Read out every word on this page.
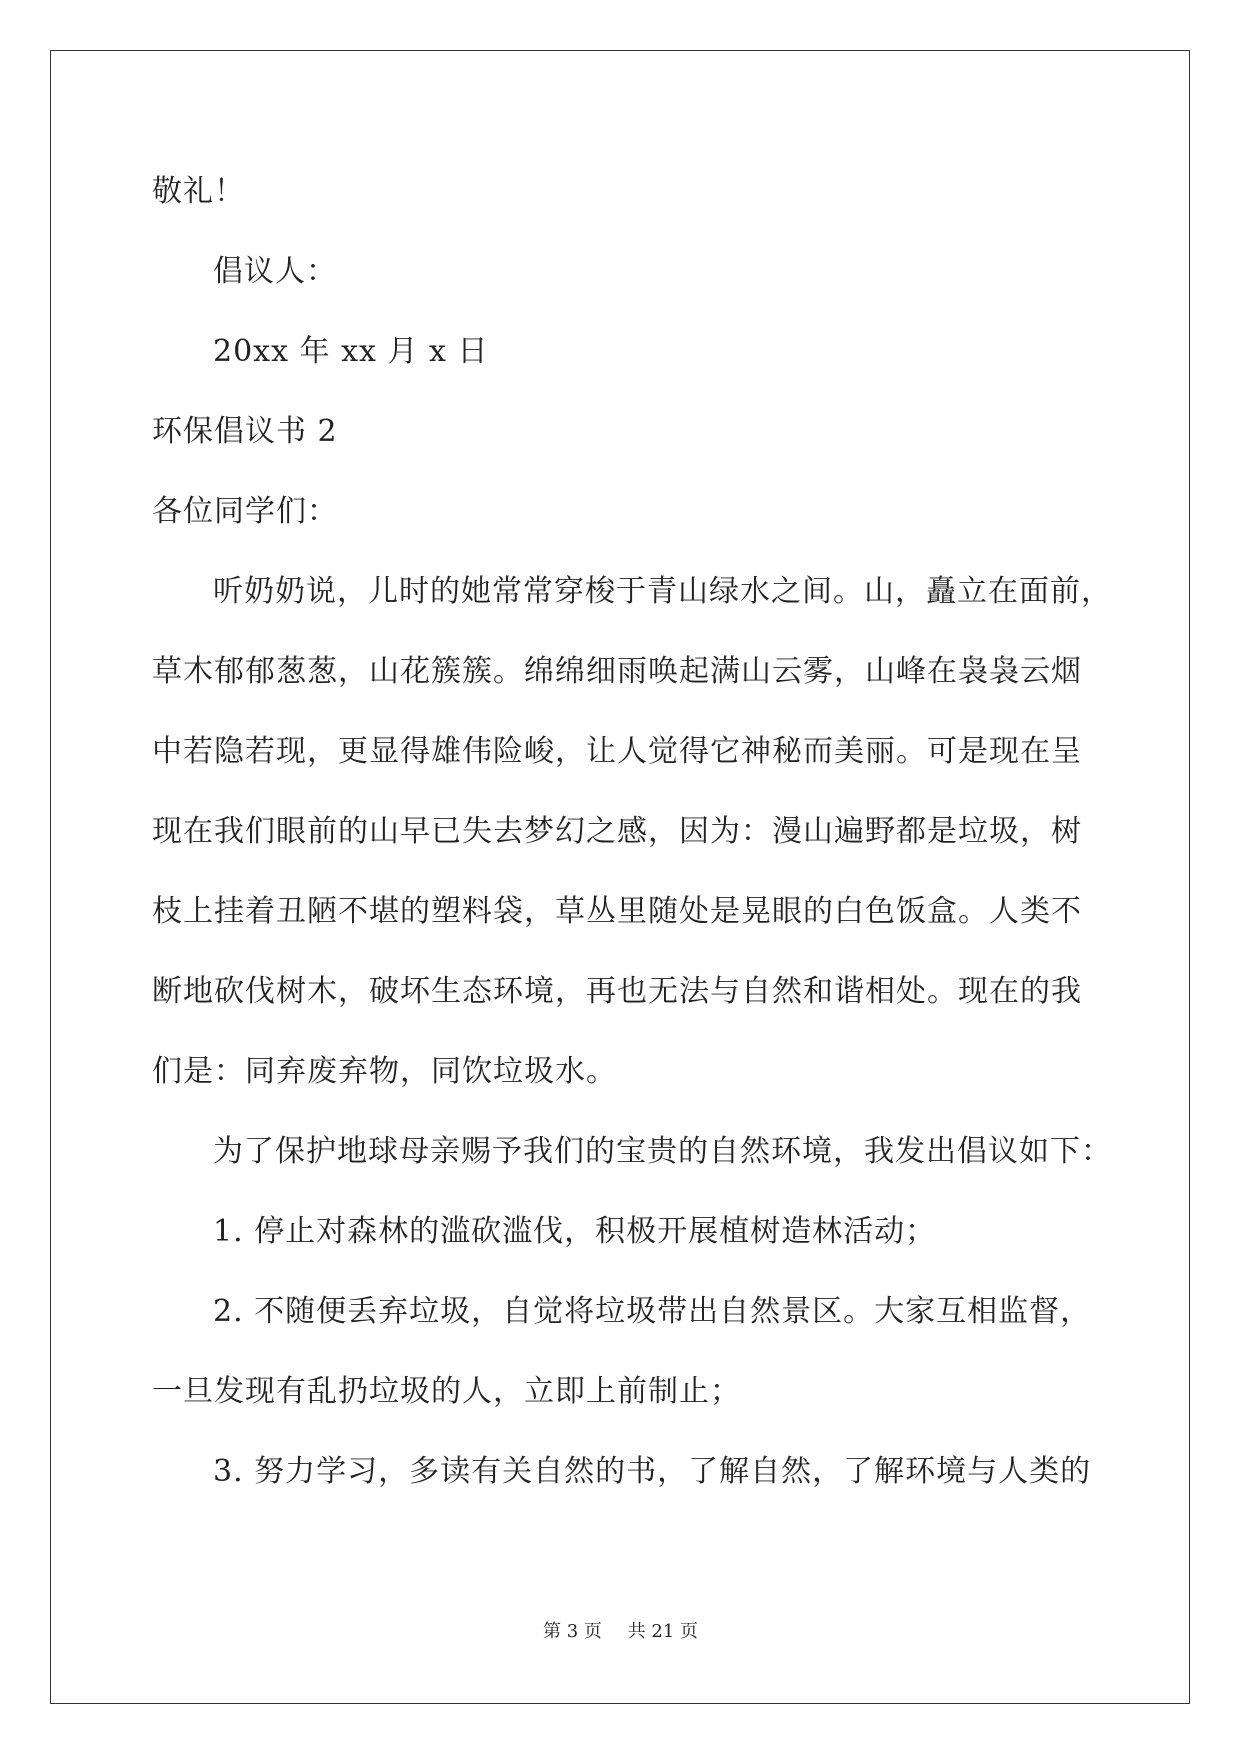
敬礼！
倡议人：
20xx 年 xx 月 x 日
环保倡议书 2
各位同学们：
听奶奶说，儿时的她常常穿梭于青山绿水之间。山，矗立在面前，
草木郁郁葱葱，山花簇簇。绵绵细雨唤起满山云雾，山峰在袅袅云烟
中若隐若现，更显得雄伟险峻，让人觉得它神秘而美丽。可是现在呈
现在我们眼前的山早已失去梦幻之感，因为：漫山遍野都是垃圾，树
枝上挂着丑陋不堪的塑料袋，草丛里随处是晃眼的白色饭盒。人类不
断地砍伐树木，破坏生态环境，再也无法与自然和谐相处。现在的我
们是：同弃废弃物，同饮垃圾水。
为了保护地球母亲赐予我们的宝贵的自然环境，我发出倡议如下：
1. 停止对森林的滥砍滥伐，积极开展植树造林活动；
2. 不随便丢弃垃圾，自觉将垃圾带出自然景区。大家互相监督，
一旦发现有乱扔垃圾的人，立即上前制止；
3. 努力学习，多读有关自然的书，了解自然，了解环境与人类的
第 3 页 共 21 页
